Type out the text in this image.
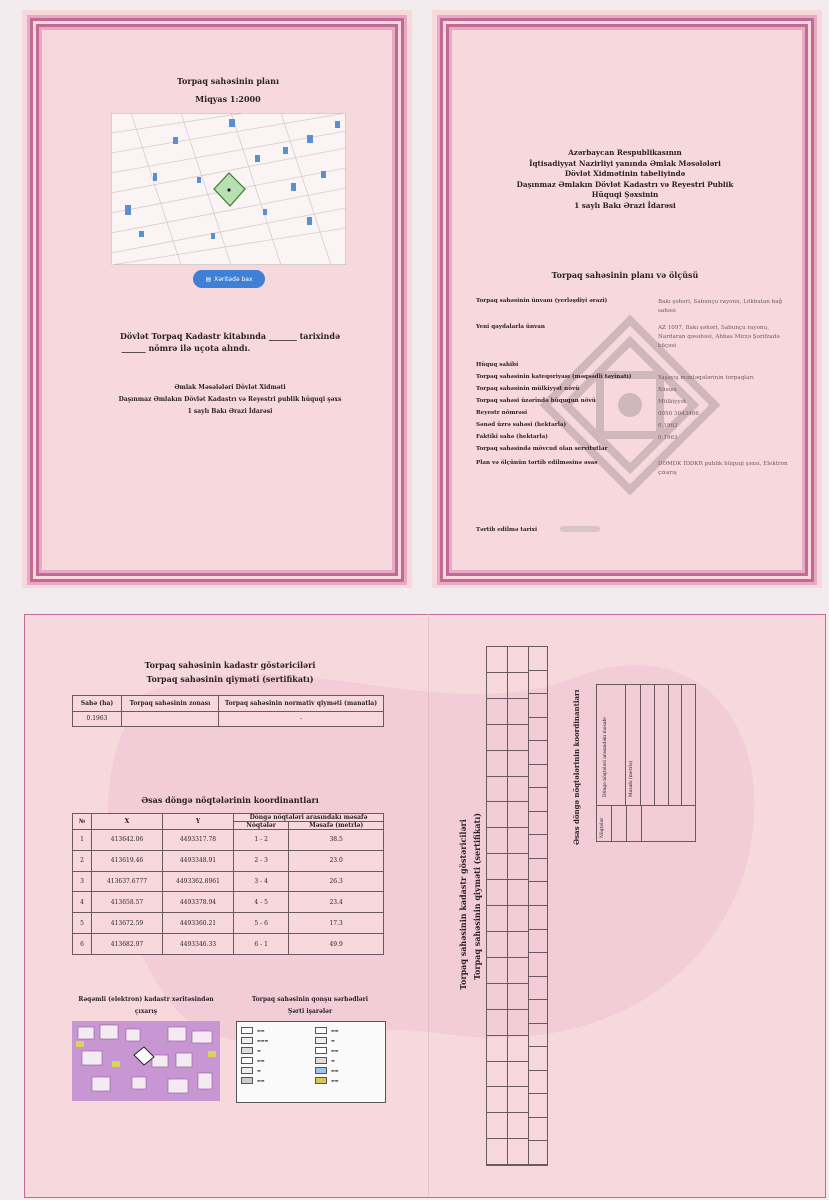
Torpaq sahəsinin planı
Miqyas 1:2000
▤ Xəritədə bax
Dövlət Torpaq Kadastr kitabında _______ tarixində
______ nömrə ilə uçota alındı.
Əmlak Məsələləri Dövlət Xidməti
Daşınmaz Əmlakın Dövlət Kadastrı və Reyestri publik hüquqi şəxs
1 saylı Bakı Ərazi İdarəsi
Azərbaycan Respublikasının
İqtisadiyyat Nazirliyi yanında Əmlak Məsələləri
Dövlət Xidmətinin tabeliyində
Daşınmaz Əmlakın Dövlət Kadastrı və Reyestri Publik
Hüquqi Şəxsinin
1 saylı Bakı Ərazi İdarəsi
Torpaq sahəsinin planı və ölçüsü
Torpaq sahəsinin ünvanı (yerləşdiyi ərazi)	Bakı şəhəri, Sabunçu rayonu, Lökbatan bağ sahəsi
Yeni qaydalarla ünvan	AZ 1097, Bakı şəhəri, Sabunçu rayonu, Nardaran qəsəbəsi, Abbas Mirzə Şərifzadə küçəsi
Hüquq sahibi
Torpaq sahəsinin kateqoriyası (məqsədli təyinatı)	Yaşayış məntəqələrinin torpaqları
Torpaq sahəsinin mülkiyyət növü	Xüsusi
Torpaq sahəsi üzərində hüququn növü	Mülkiyyət
Reyestr nömrəsi	0050 3043466
Sənəd üzrə sahəsi (hektarla)	0.1963
Faktiki sahə (hektarla)	0.1963
Torpaq sahəsində mövcud olan servitutlar
Plan və ölçünün tərtib edilməsinə əsas	DƏMDK İDDKR publik hüquqi şəxsi, Elektron çıxarış
Tərtib edilmə tarixi
Torpaq sahəsinin kadastr göstəriciləri
Torpaq sahəsinin qiyməti (sertifikatı)
Sahə (ha)	Torpaq sahəsinin zonası	Torpaq sahəsinin normativ qiyməti (manatla)
0.1963		-
Əsas döngə nöqtələrinin koordinantları
№	X	Y	Döngə nöqtələri arasındakı məsafə	
			Nöqtələr	Məsafə (metrlə)
1	413642.06	4493317.78	1 - 2	38.5
2	413619.46	4493348.91	2 - 3	23.0
3	413637.6777	4493362.8961	3 - 4	26.3
4	413658.57	4493378.94	4 - 5	23.4
5	413672.59	4493360.21	5 - 6	17.3
6	413682.97	4493346.33	6 - 1	49.9
Rəqəmli (elektron) kadastr xəritəsindən
çıxarış
Torpaq sahəsinin qonşu sərhədləri
Şərti işarələr
▬▬
▬▬▬
▬
▬▬
▬
▬▬
▬▬
▬
▬▬
▬
▬▬
▬▬
Döngə nöqtələri arasındakı məsafə	Məsafə (metrlə)
Nöqtələr
